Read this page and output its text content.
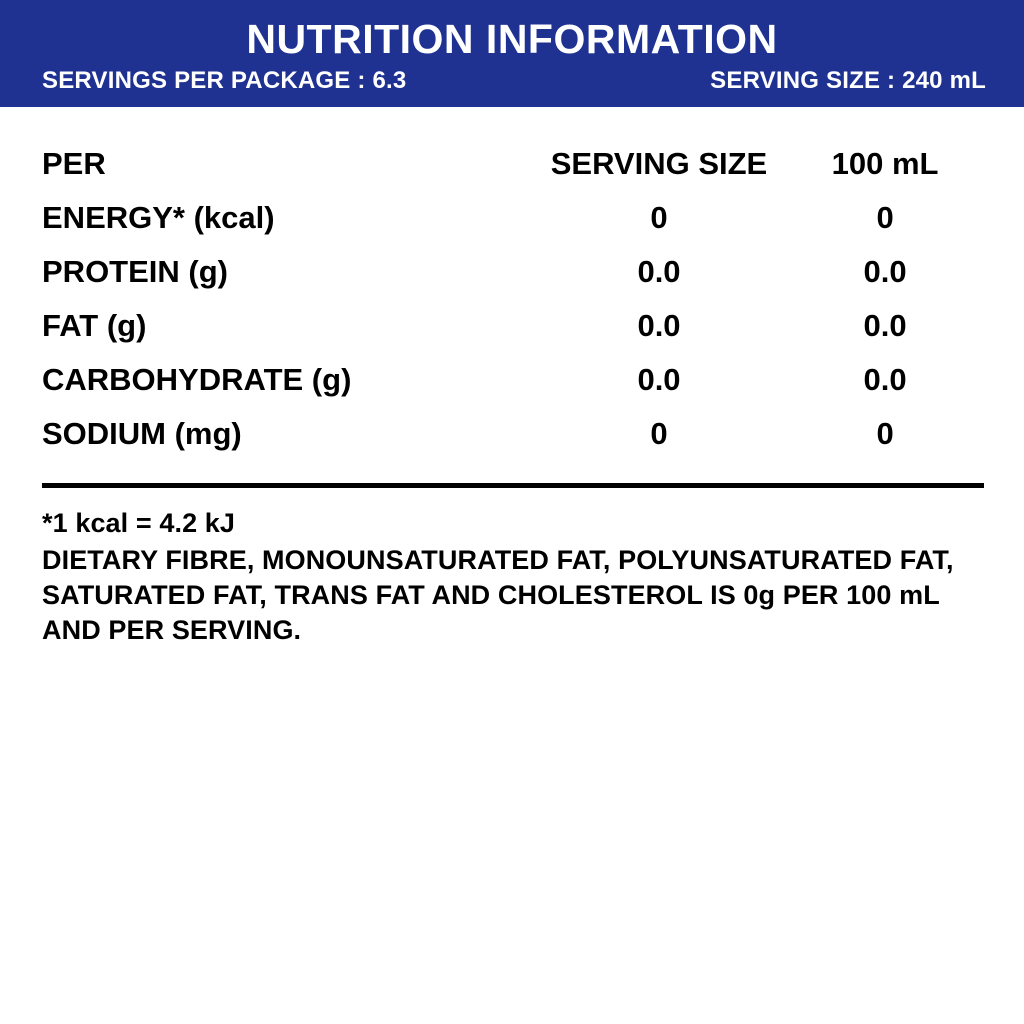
NUTRITION INFORMATION
SERVINGS PER PACKAGE : 6.3	SERVING SIZE : 240 mL
PER	SERVING SIZE	100 mL
ENERGY* (kcal)	0	0
PROTEIN (g)	0.0	0.0
FAT (g)	0.0	0.0
CARBOHYDRATE (g)	0.0	0.0
SODIUM (mg)	0	0
*1 kcal = 4.2 kJ
DIETARY FIBRE, MONOUNSATURATED FAT, POLYUNSATURATED FAT, SATURATED FAT, TRANS FAT AND CHOLESTEROL IS 0g PER 100 mL AND PER SERVING.
